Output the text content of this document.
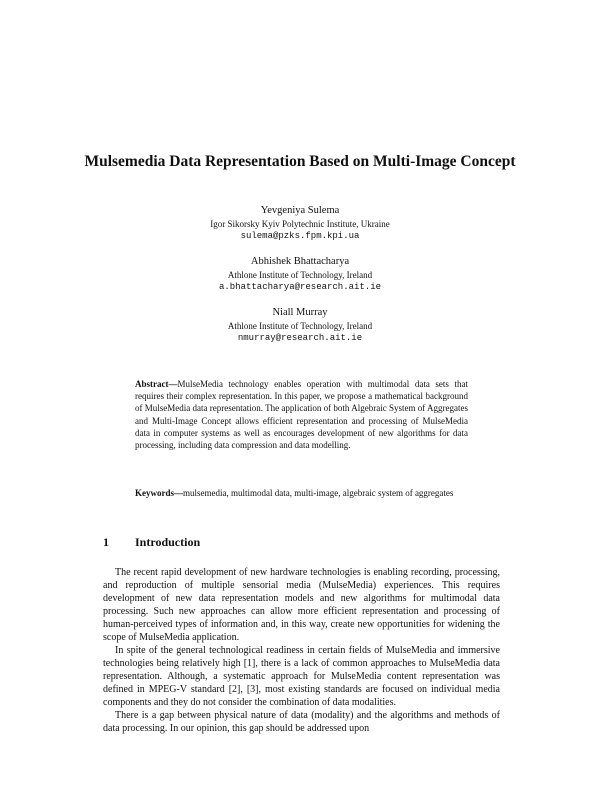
Mulsemedia Data Representation Based on Multi-Image Concept
Yevgeniya Sulema
Igor Sikorsky Kyiv Polytechnic Institute, Ukraine
sulema@pzks.fpm.kpi.ua
Abhishek Bhattacharya
Athlone Institute of Technology, Ireland
a.bhattacharya@research.ait.ie
Niall Murray
Athlone Institute of Technology, Ireland
nmurray@research.ait.ie
Abstract—MulseMedia technology enables operation with multimodal data sets that requires their complex representation. In this paper, we propose a mathematical background of MulseMedia data representation. The application of both Algebraic System of Aggregates and Multi-Image Concept allows efficient representation and processing of MulseMedia data in computer systems as well as encourages development of new algorithms for data processing, including data compression and data modelling.
Keywords—mulsemedia, multimodal data, multi-image, algebraic system of aggregates
1 Introduction

The recent rapid development of new hardware technologies is enabling recording, processing, and reproduction of multiple sensorial media (MulseMedia) experiences. This requires development of new data representation models and new algorithms for multimodal data processing. Such new approaches can allow more efficient representation and processing of human-perceived types of information and, in this way, create new opportunities for widening the scope of MulseMedia application.

In spite of the general technological readiness in certain fields of MulseMedia and immersive technologies being relatively high [1], there is a lack of common approaches to MulseMedia data representation. Although, a systematic approach for MulseMedia content representation was defined in MPEG-V standard [2], [3], most existing standards are focused on individual media components and they do not consider the combination of data modalities.

There is a gap between physical nature of data (modality) and the algorithms and methods of data processing. In our opinion, this gap should be addressed upon
